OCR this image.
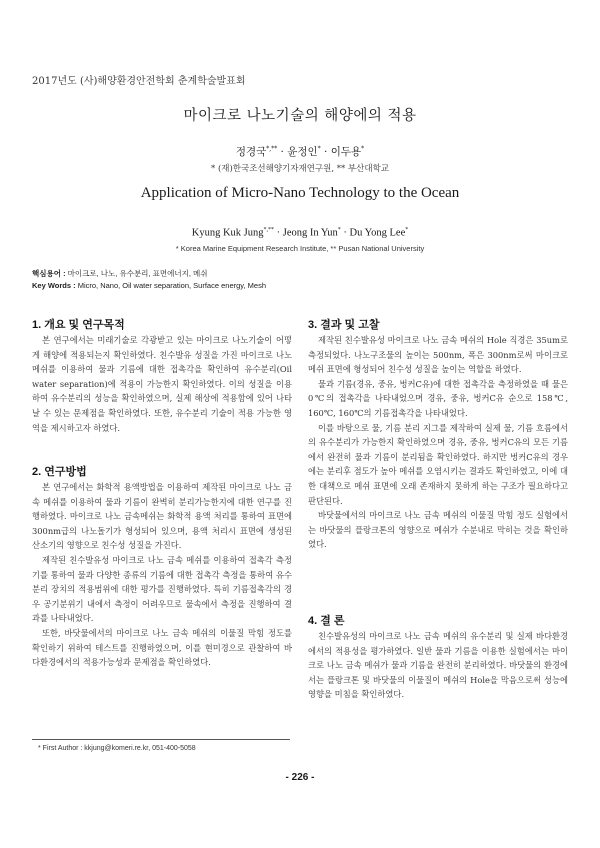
2017년도 (사)해양환경안전학회 춘계학술발표회
마이크로 나노기술의 해양에의 적용
정경국*,** · 윤정인* · 이두용*
* (재)한국조선해양기자재연구원, ** 부산대학교
Application of Micro-Nano Technology to the Ocean
Kyung Kuk Jung*,** · Jeong In Yun* · Du Yong Lee*
* Korea Marine Equipment Research Institute, ** Pusan National University
핵심용어 : 마이크로, 나노, 유수분리, 표면에너지, 메쉬
Key Words : Micro, Nano, Oil water separation, Surface energy, Mesh
1. 개요 및 연구목적

본 연구에서는 미래기술로 각광받고 있는 마이크로 나노기술이 어떻게 해양에 적용되는지 확인하였다. 친수발유 성질을 가진 마이크로 나노 메쉬를 이용하여 물과 기름에 대한 접촉각을 확인하여 유수분리(Oil water separation)에 적용이 가능한지 확인하였다. 이의 성질을 이용하여 유수분리의 성능을 확인하였으며, 실제 해상에 적용함에 있어 나타날 수 있는 문제점을 확인하였다. 또한, 유수분리 기술이 적용 가능한 영역을 제시하고자 하였다.

2. 연구방법

본 연구에서는 화학적 용액방법을 이용하여 제작된 마이크로 나노 금속 메쉬를 이용하여 물과 기름이 완벽히 분리가능한지에 대한 연구를 진행하였다. 마이크로 나노 금속메쉬는 화학적 용액 처리를 통하여 표면에 300nm급의 나노돌기가 형성되어 있으며, 용액 처리시 표면에 생성된 산소기의 영향으로 친수성 성질을 가진다.

제작된 친수발유성 마이크로 나노 금속 메쉬를 이용하여 접촉각 측정기를 통하여 물과 다양한 종류의 기름에 대한 접촉각 측정을 통하여 유수분리 장치의 적용범위에 대한 평가를 진행하였다. 특히 기름접촉각의 경우 공기분위기 내에서 측정이 어려우므로 물속에서 측정을 진행하여 결과를 나타내었다.

또한, 바닷물에서의 마이크로 나노 금속 메쉬의 이물질 막힘 정도를 확인하기 위하여 테스트를 진행하였으며, 이를 현미경으로 관찰하여 바다환경에서의 적용가능성과 문제점을 확인하였다.

3. 결과 및 고찰

제작된 친수발유성 마이크로 나노 금속 메쉬의 Hole 직경은 35um로 측정되었다. 나노구조물의 높이는 500nm, 폭은 300nm로써 마이크로 메쉬 표면에 형성되어 친수성 성질을 높이는 역할을 하였다.

물과 기름(경유, 중유, 벙커C유)에 대한 접촉각을 측정하였을 때 물은 0℃의 접촉각을 나타내었으며 경유, 중유, 벙커C유 순으로 158℃, 160℃, 160℃의 기름접촉각을 나타내었다.

이를 바탕으로 물, 기름 분리 지그를 제작하여 실제 물, 기름 흐름에서의 유수분리가 가능한지 확인하였으며 경유, 중유, 벙커C유의 모든 기름에서 완전히 물과 기름이 분리됨을 확인하였다. 하지만 벙커C유의 경우에는 분리후 점도가 높아 메쉬를 오염시키는 결과도 확인하였고, 이에 대한 대책으로 메쉬 표면에 오래 존재하지 못하게 하는 구조가 필요하다고 판단된다.

바닷물에서의 마이크로 나노 금속 메쉬의 이물질 막힘 정도 실험에서는 바닷물의 플랑크톤의 영향으로 메쉬가 수분내로 막히는 것을 확인하였다.

4. 결 론

친수발유성의 마이크로 나노 금속 메쉬의 유수분리 및 실제 바다환경에서의 적용성을 평가하였다. 일반 물과 기름을 이용한 실험에서는 마이크로 나노 금속 메쉬가 물과 기름을 완전히 분리하였다. 바닷물의 환경에서는 플랑크톤 및 바닷물의 이물질이 메쉬의 Hole을 막음으로써 성능에 영향을 미침을 확인하였다.

* First Author : kkjung@komeri.re.kr, 051-400-5058
- 226 -
